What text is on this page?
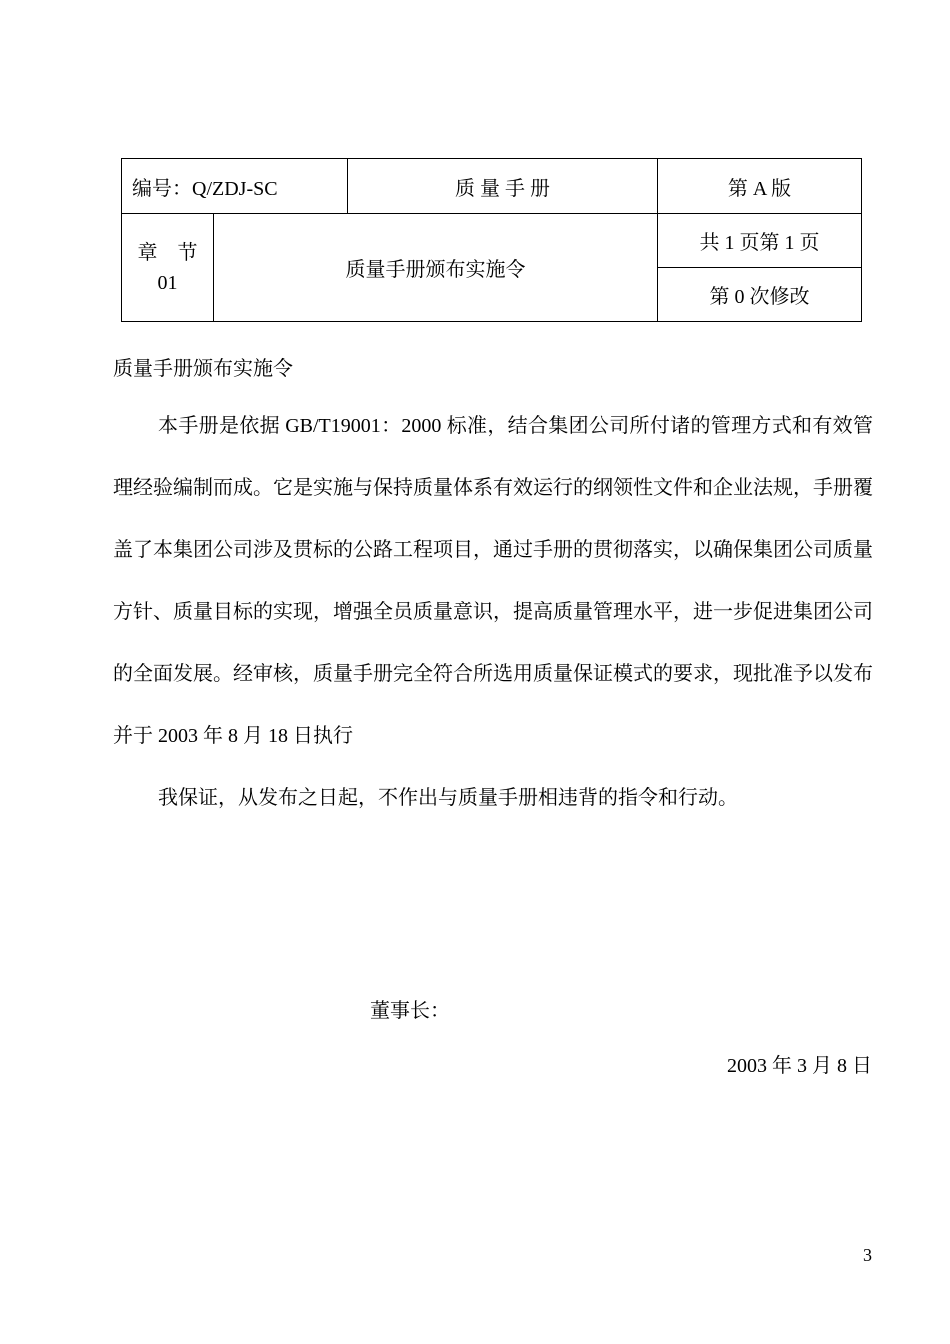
编号：Q/ZDJ-SC		质 量 手 册	第 A 版

章　节
01	质量手册颁布实施令		共 1 页第 1 页
			第 0 次修改
质量手册颁布实施令

本手册是依据 GB/T19001：2000 标准，结合集团公司所付诸的管理方式和有效管理经验编制而成。它是实施与保持质量体系有效运行的纲领性文件和企业法规，手册覆盖了本集团公司涉及贯标的公路工程项目，通过手册的贯彻落实，以确保集团公司质量方针、质量目标的实现，增强全员质量意识，提高质量管理水平，进一步促进集团公司的全面发展。经审核，质量手册完全符合所选用质量保证模式的要求，现批准予以发布并于 2003 年 8 月 18 日执行

我保证，从发布之日起，不作出与质量手册相违背的指令和行动。

董事长：
2003 年 3 月 8 日
3
